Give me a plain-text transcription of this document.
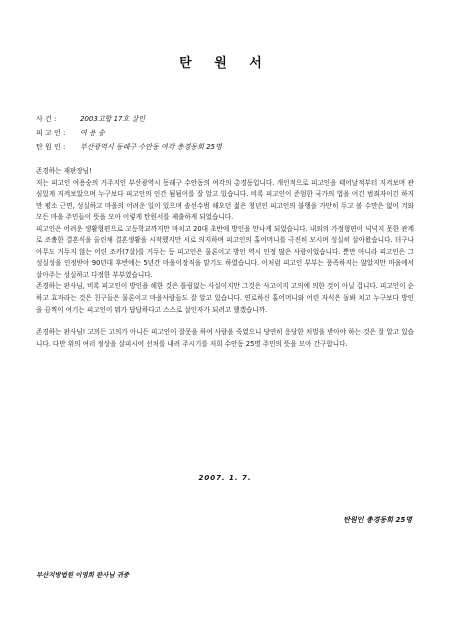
탄 원 서
사 건 :	2003고합 17호 살인
피 고 인 : 여 용 숭
탄 원 인 : 부산광역시 동래구 수안동 여각 총경동회 25명

존경하는 재판장님!

저는 피고인 여용숭의 거주지인 부산광역시 동래구 수안동의 여각의 총경동입니다. 개인적으로 피고인을 태어날적부터 지켜보며 관심있게 지켜보았으며 누구보다 피고인의 인간 됨됨이를 잘 알고 있습니다. 비록 피고인이 준엄한 국가의 법을 어긴 범죄자이긴 하지만 평소 근면, 성실하고 마을의 어려운 일이 있으며 솔선수범 해오던 젊은 청년인 피고인의 불행을 가만히 두고 볼 수만은 없어 겨와 모든 마을 주민들이 뜻을 모아 이렇게 탄원서를 제출하게 되었습니다.

피고인은 어려운 생활형편으로 고등학교까지만 마치고 20대 초반에 방인을 만나게 되었습니다. 내외의 가정형편이 넉넉지 못한 관계로 조촐한 결혼식을 올린채 결혼생활을 시작했지만 서로 의지하며 피고인의 홀어머니를 극진히 모시며 성실히 살아왔습니다. 더구나 아무도 거두지 않는 어린 조카(7살)를 거두는 등 피고인은 물론이고 방인 역시 인정 많은 사람이었습니다. 뿐만 아니라 피고인은 그 성실성을 인정받아 90년대 후반에는 5년간 마을이장직을 맡기도 하였습니다. 이처럼 피고인 부부는 풍족하지는 않았지만 마을에서 살아주는 성실하고 다정한 부부였습니다.

존경하는 판사님, 비록 피고인이 방인을 해한 것은 틀림없는 사실이지만 그것은 사고이지 고의에 의한 것이 아닐 겁니다. 피고인이 순하고 효자라는 것은 친구들은 물론이고 마을사람들도 잘 알고 있습니다. 연로하신 홀어머니와 어린 자식은 돌봐 치고 누구보다 방인을 끔찍이 여기는 피고인이 뭐가 답답하다고 스스로 살인자가 되려고 했겠습니까.

존경하는 판사님! 고의든 고의가 아니든 피고인이 잘못을 하여 사람을 죽였으니 당연히 응당한 처벌을 받아야 하는 것은 잘 알고 있습니다. 다만 위의 여러 정상을 살피시어 선처를 내려 주시기를 저희 수안동 25명 주민의 뜻을 모아 간구합니다.

2007. 1. 7.
탄원인 총경동회 25명
부산지방법원 이영희 판사님 귀중
